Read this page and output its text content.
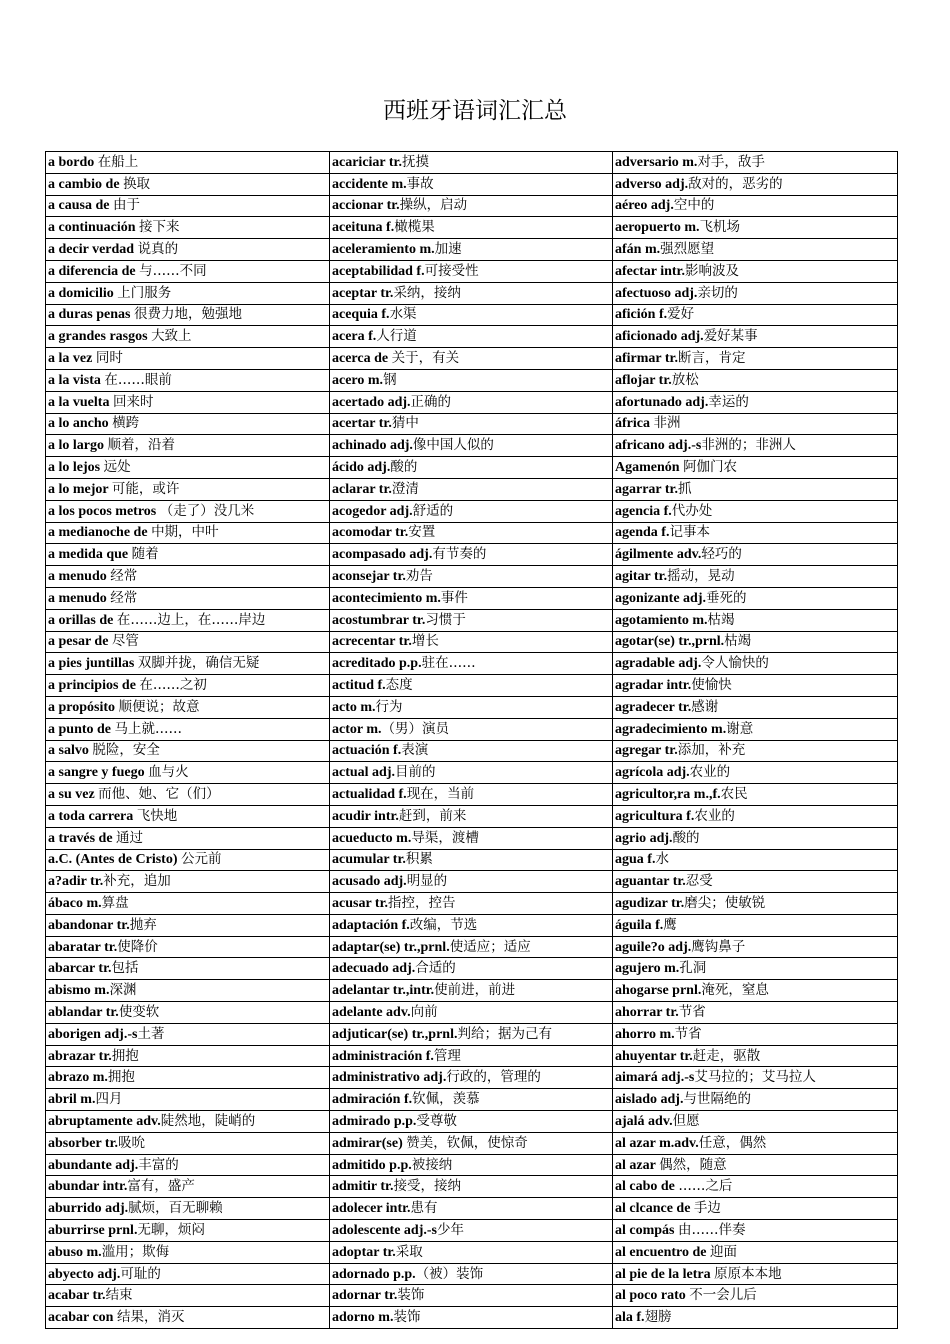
西班牙语词汇汇总
a bordo 在船上	acariciar tr.抚摸	adversario m.对手，敌手
a cambio de 换取	accidente m.事故	adverso adj.敌对的，恶劣的
a causa de 由于	accionar tr.操纵，启动	aéreo adj.空中的
a continuación 接下来	aceituna f.橄榄果	aeropuerto m.飞机场
a decir verdad 说真的	aceleramiento m.加速	afán m.强烈愿望
a diferencia de 与……不同	aceptabilidad f.可接受性	afectar intr.影响波及
a domicilio 上门服务	aceptar tr.采纳，接纳	afectuoso adj.亲切的
a duras penas 很费力地，勉强地	acequia f.水渠	afición f.爱好
a grandes rasgos 大致上	acera f.人行道	aficionado adj.爱好某事
a la vez 同时	acerca de 关于，有关	afirmar tr.断言，肯定
a la vista 在……眼前	acero m.钢	aflojar tr.放松
a la vuelta 回来时	acertado adj.正确的	afortunado adj.幸运的
a lo ancho 横跨	acertar tr.猜中	áfrica 非洲
a lo largo 顺着，沿着	achinado adj.像中国人似的	africano adj.-s非洲的；非洲人
a lo lejos 远处	ácido adj.酸的	Agamenón 阿伽门农
a lo mejor 可能，或许	aclarar tr.澄清	agarrar tr.抓
a los pocos metros （走了）没几米	acogedor adj.舒适的	agencia f.代办处
a medianoche de 中期，中叶	acomodar tr.安置	agenda f.记事本
a medida que 随着	acompasado adj.有节奏的	ágilmente adv.轻巧的
a menudo 经常	aconsejar tr.劝告	agitar tr.摇动，晃动
a menudo 经常	acontecimiento m.事件	agonizante adj.垂死的
a orillas de 在……边上，在……岸边	acostumbrar tr.习惯于	agotamiento m.枯竭
a pesar de 尽管	acrecentar tr.增长	agotar(se) tr.,prnl.枯竭
a pies juntillas 双脚并拢，确信无疑	acreditado p.p.驻在……	agradable adj.令人愉快的
a principios de 在……之初	actitud f.态度	agradar intr.使愉快
a propósito 顺便说；故意	acto m.行为	agradecer tr.感谢
a punto de 马上就……	actor m.（男）演员	agradecimiento m.谢意
a salvo 脱险，安全	actuación f.表演	agregar tr.添加，补充
a sangre y fuego 血与火	actual adj.目前的	agrícola adj.农业的
a su vez 而他、她、它（们）	actualidad f.现在，当前	agricultor,ra m.,f.农民
a toda carrera 飞快地	acudir intr.赶到，前来	agricultura f.农业的
a través de 通过	acueducto m.导渠，渡槽	agrio adj.酸的
a.C. (Antes de Cristo) 公元前	acumular tr.积累	agua f.水
a?adir tr.补充，追加	acusado adj.明显的	aguantar tr.忍受
ábaco m.算盘	acusar tr.指控，控告	agudizar tr.磨尖；使敏锐
abandonar tr.抛弃	adaptación f.改编，节选	águila f.鹰
abaratar tr.使降价	adaptar(se) tr.,prnl.使适应；适应	aguile?o adj.鹰钩鼻子
abarcar tr.包括	adecuado adj.合适的	agujero m.孔洞
abismo m.深渊	adelantar tr.,intr.使前进，前进	ahogarse prnl.淹死，窒息
ablandar tr.使变软	adelante adv.向前	ahorrar tr.节省
aborigen adj.-s土著	adjuticar(se) tr.,prnl.判给；据为己有	ahorro m.节省
abrazar tr.拥抱	administración f.管理	ahuyentar tr.赶走，驱散
abrazo m.拥抱	administrativo adj.行政的，管理的	aimará adj.-s艾马拉的；艾马拉人
abril m.四月	admiración f.钦佩，羡慕	aislado adj.与世隔绝的
abruptamente adv.陡然地，陡峭的	admirado p.p.受尊敬	ajalá adv.但愿
absorber tr.吸吮	admirar(se) 赞美，钦佩，使惊奇	al azar m.adv.任意，偶然
abundante adj.丰富的	admitido p.p.被接纳	al azar 偶然，随意
abundar intr.富有，盛产	admitir tr.接受，接纳	al cabo de ……之后
aburrido adj.腻烦，百无聊赖	adolecer intr.患有	al clcance de 手边
aburrirse prnl.无聊，烦闷	adolescente adj.-s少年	al compás 由……伴奏
abuso m.滥用；欺侮	adoptar tr.采取	al encuentro de 迎面
abyecto adj.可耻的	adornado p.p.（被）装饰	al pie de la letra 原原本本地
acabar tr.结束	adornar tr.装饰	al poco rato 不一会儿后
acabar con 结果，消灭	adorno m.装饰	ala f.翅膀
